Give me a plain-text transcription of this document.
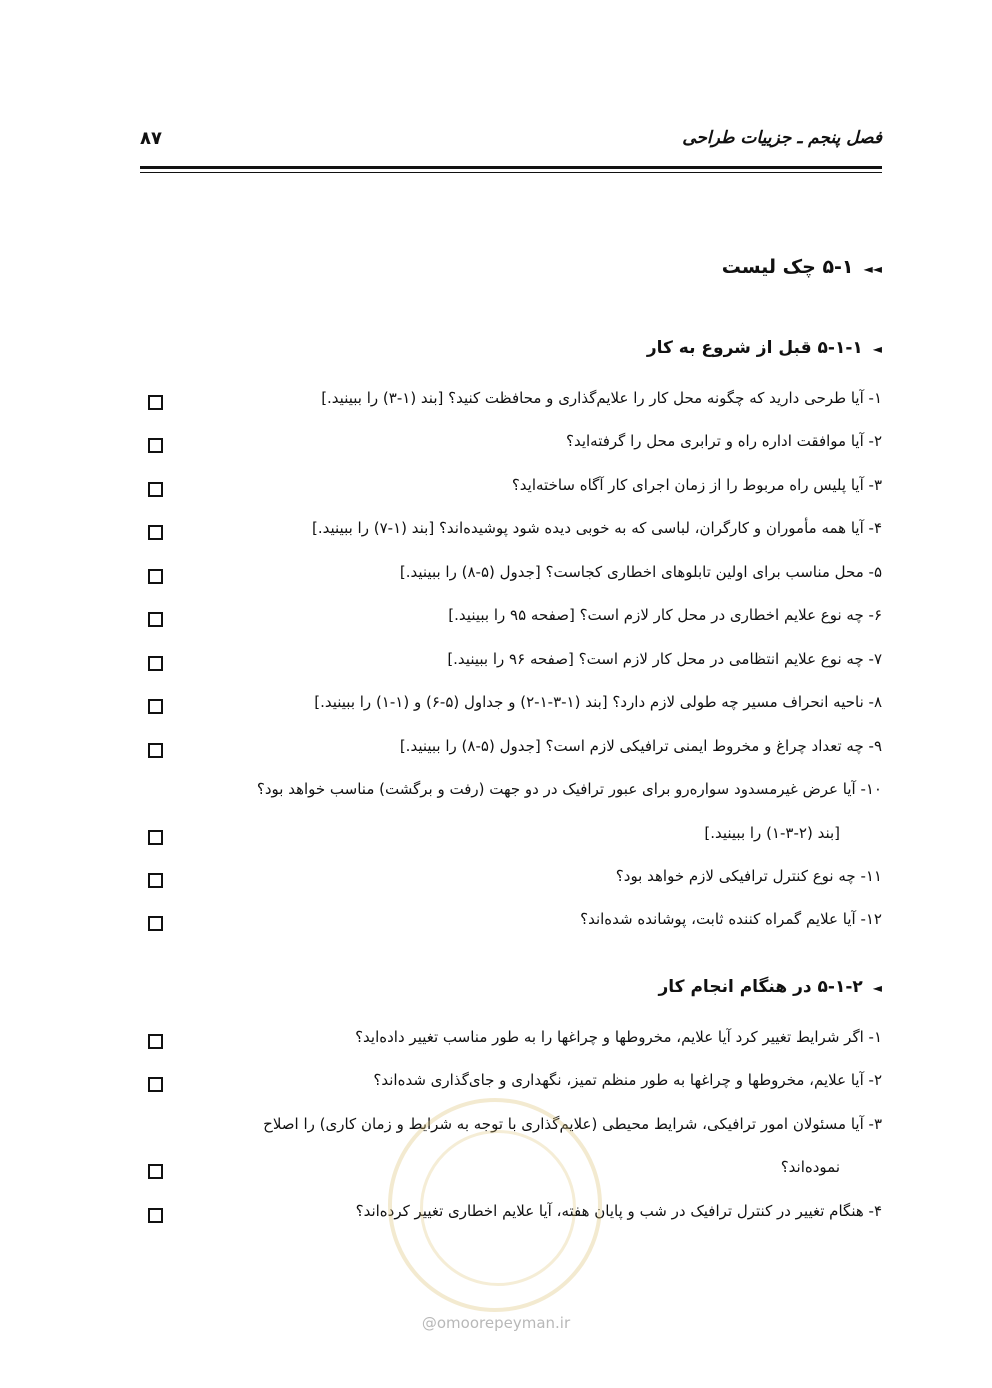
فصل پنجم ـ جزییات طراحی
۸۷
◄◄۵-۱ چک لیست
◄۵-۱-۱ قبل از شروع به کار
۱- آیا طرحی دارید که چگونه محل کار را علایم‌گذاری و محافظت کنید؟ [بند (۱-۳) را ببینید.]
۲- آیا موافقت اداره راه و ترابری محل را گرفته‌اید؟
۳- آیا پلیس راه مربوط را از زمان اجرای کار آگاه ساخته‌اید؟
۴- آیا همه مأموران و کارگران، لباسی که به خوبی دیده شود پوشیده‌اند؟ [بند (۱-۷) را ببینید.]
۵- محل مناسب برای اولین تابلوهای اخطاری کجاست؟ [جدول (۵-۸) را ببینید.]
۶- چه نوع علایم اخطاری در محل کار لازم است؟ [صفحه ۹۵ را ببینید.]
۷- چه نوع علایم انتظامی در محل کار لازم است؟ [صفحه ۹۶ را ببینید.]
۸- ناحیه انحراف مسیر چه طولی لازم دارد؟ [بند (۱-۳-۱-۲) و جداول (۵-۶) و (۱-۱) را ببینید.]
۹- چه تعداد چراغ و مخروط ایمنی ترافیکی لازم است؟ [جدول (۵-۸) را ببینید.]
۱۰- آیا عرض غیرمسدود سواره‌رو برای عبور ترافیک در دو جهت (رفت و برگشت) مناسب خواهد بود؟
[بند (۲-۳-۱) را ببینید.]
۱۱- چه نوع کنترل ترافیکی لازم خواهد بود؟
۱۲- آیا علایم گمراه کننده ثابت، پوشانده شده‌اند؟
◄۵-۱-۲ در هنگام انجام کار
۱- اگر شرایط تغییر کرد آیا علایم، مخروطها و چراغها را به طور مناسب تغییر داده‌اید؟
۲- آیا علایم، مخروطها و چراغها به طور منظم تمیز، نگهداری و جای‌گذاری شده‌اند؟
۳- آیا مسئولان امور ترافیکی، شرایط محیطی (علایم‌گذاری با توجه به شرایط و زمان کاری) را اصلاح
نموده‌اند؟
۴- هنگام تغییر در کنترل ترافیک در شب و پایان هفته، آیا علایم اخطاری تغییر کرده‌اند؟
@omoorepeyman.ir
